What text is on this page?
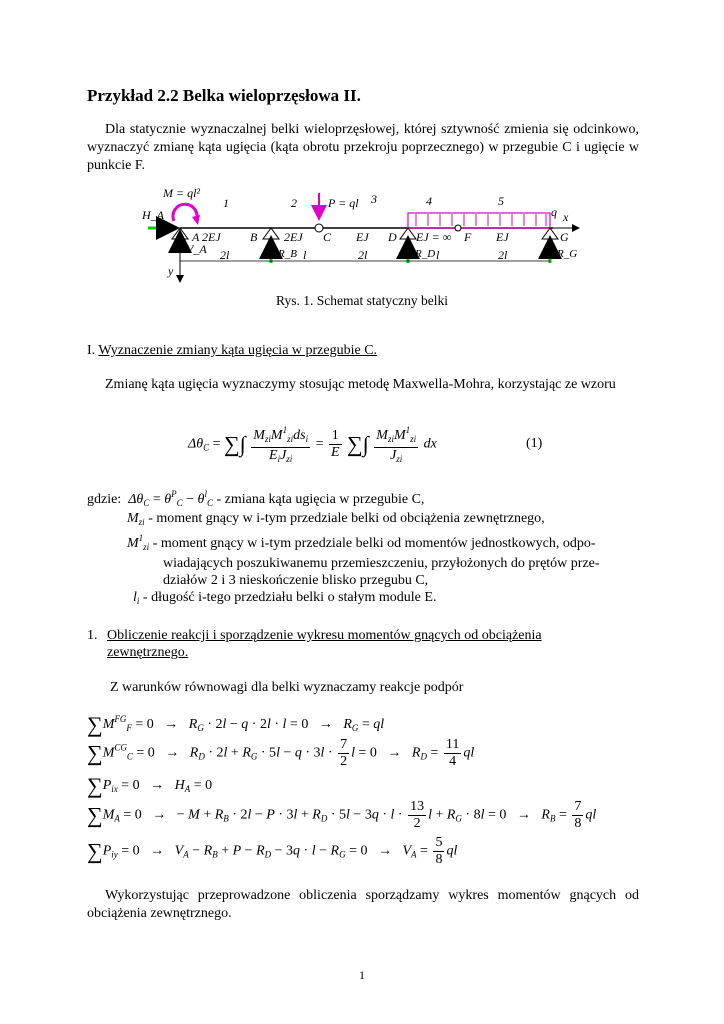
Przykład 2.2 Belka wieloprzęsłowa II.
Dla statycznie wyznaczalnej belki wieloprzęsłowej, której sztywność zmienia się odcinkowo, wyznaczyć zmianę kąta ugięcia (kąta obrotu przekroju poprzecznego) w przegubie C i ugięcie w punkcie F.
x
y
q
P = ql
M = ql²
H_A
V_A	R_B	R_D	R_G
1	2	3	4	5
A	B	C	D	F	G
2EJ	2EJ	EJ	EJ = ∞	EJ
2l	l	2l	l	2l
Rys. 1. Schemat statyczny belki
I. Wyznaczenie zmiany kąta ugięcia w przegubie C.
Zmianę kąta ugięcia wyznaczymy stosując metodę Maxwella-Mohra, korzystając ze wzoru
$\Delta\theta_C$ = ∑∫ $\frac{M_{zi}M^1_{zi}ds_i}{E_iJ_{zi}} = \frac{1}{E}$ ∑∫ $\frac{M_{zi}M^1_{zi}}{J_{zi}}$ dx	(1)
gdzie: $\Delta\theta_C = \theta^P_C - \theta^l_C$ - zmiana kąta ugięcia w przegubie C,
$M_{zi}$ - moment gnący w i-tym przedziale belki od obciążenia zewnętrznego,
$M^1_{zi}$ - moment gnący w i-tym przedziale belki od momentów jednostkowych, odpo-
wiadających poszukiwanemu przemieszczeniu, przyłożonych do prętów prze-
działów 2 i 3 nieskończenie blisko przegubu C,
$l_i$ - długość i-tego przedziału belki o stałym module E.
1. Obliczenie reakcji i sporządzenie wykresu momentów gnących od obciążenia
zewnętrznego.
Z warunków równowagi dla belki wyznaczamy reakcje podpór
$\sum M^{FG}_F = 0 \to R_G \cdot 2l - q \cdot 2l \cdot l = 0 \to R_G$ = ql
$\sum M^{CG}_C = 0 \to R_D \cdot 2l + R_G \cdot 5l - q \cdot 3l \cdot \frac{7}{2}$ $l = 0 \to R_D = \frac{11}{4}$ ql
$\sum P_{ix} = 0 \to H_A = 0$
$\sum M_A = 0$   →   − $M + R_B \cdot 2l - P \cdot 3l + R_D \cdot 5l - 3q \cdot l \cdot \frac{13}{2}$ $l + R_G \cdot 8l = 0 \to R_B = \frac{7}{8}$ ql
$\sum P_{iy} = 0 \to V_A - R_B + P - R_D - 3q \cdot l - R_G = 0 \to V_A = \frac{5}{8}$ ql
Wykorzystując przeprowadzone obliczenia sporządzamy wykres momentów gnących od obciążenia zewnętrznego.
1
